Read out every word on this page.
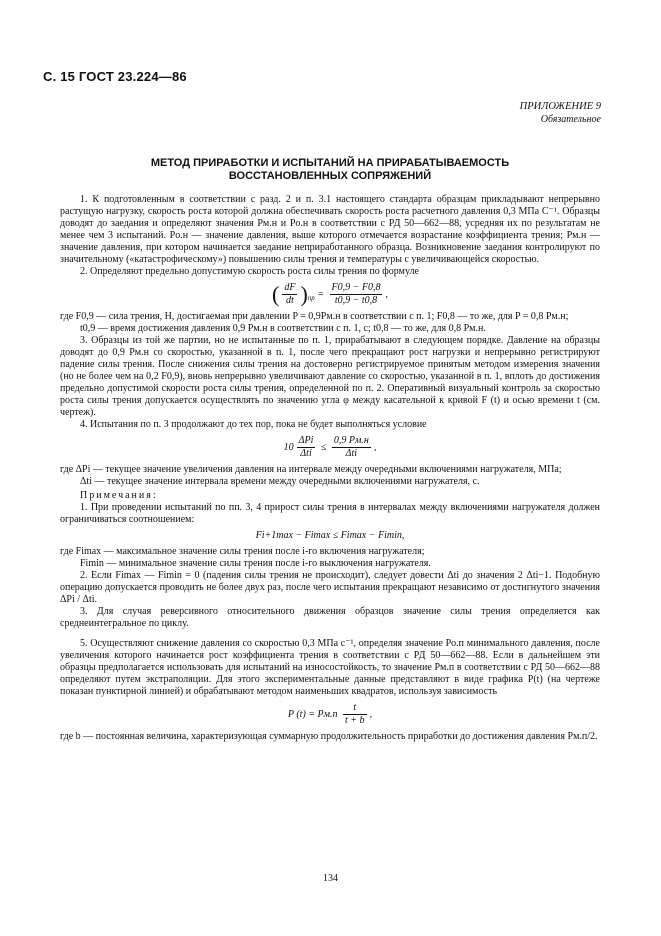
С. 15 ГОСТ 23.224—86
ПРИЛОЖЕНИЕ 9
Обязательное
МЕТОД ПРИРАБОТКИ И ИСПЫТАНИЙ НА ПРИРАБАТЫВАЕМОСТЬ
ВОССТАНОВЛЕННЫХ СОПРЯЖЕНИЙ

1. К подготовленным в соответствии с разд. 2 и п. 3.1 настоящего стандарта образцам прикладывают непрерывно растущую нагрузку, скорость роста которой должна обеспечивать скорость роста расчетного давления 0,3 МПа С⁻¹. Образцы доводят до заедания и определяют значения Pм.н и Pо.н в соответствии с РД 50—662—88, усредняя их по результатам не менее чем 3 испытаний. Pо.н — значение давления, выше которого отмечается возрастание коэффициента трения; Pм.н — значение давления, при котором начинается заедание неприработанного образца. Возникновение заедания контролируют по значительному («катастрофическому») повышению силы трения и температуры с увеличивающейся скоростью.

2. Определяют предельно допустимую скорость роста силы трения по формуле

( $\frac{dF}{dt} )_{пр} = \frac{F0,9 - F0,8}{t0,9 - t0,8}$ ,

где F0,9 — сила трения, Н, достигаемая при давлении P = 0,9Pм.н в соответствии с п. 1; F0,8 — то же, для P = 0,8 Pм.н;

t0,9 — время достижения давления 0,9 Pм.н в соответствии с п. 1, с; t0,8 — то же, для 0,8 Pм.н.

3. Образцы из той же партии, но не испытанные по п. 1, прирабатывают в следующем порядке. Давление на образцы доводят до 0,9 Pм.н со скоростью, указанной в п. 1, после чего прекращают рост нагрузки и непрерывно регистрируют падение силы трения. После снижения силы трения на достоверно регистрируемое принятым методом измерения значения (но не более чем на 0,2 F0,9), вновь непрерывно увеличивают давление со скоростью, указанной в п. 1, вплоть до достижения предельно допустимой скорости роста силы трения, определенной по п. 2. Оперативный визуальный контроль за скоростью роста силы трения допускается осуществлять по значению угла φ между касательной к кривой F (t) и осью времени t (см. чертеж).

4. Испытания по п. 3 продолжают до тех пор, пока не будет выполняться условие

$10 \frac{\text{ΔPi}}{\text{Δti}} \le \frac{0,9 Pм.н}{\text{Δti}}$ ,

где ΔPi — текущее значение увеличения давления на интервале между очередными включениями нагружателя, МПа;

Δti — текущее значение интервала времени между очередными включениями нагружателя, с.

Примечания:

1. При проведении испытаний по пп. 3, 4 прирост силы трения в интервалах между включениями нагружателя должен ограничиваться соотношением:

Fi+1max − Fimax ≤ Fimax − Fimin,

где Fimax — максимальное значение силы трения после i-го включения нагружателя;

Fimin — минимальное значение силы трения после i-го выключения нагружателя.

2. Если Fimax — Fimin = 0 (падения силы трения не происходит), следует довести Δti до значения 2 Δti−1. Подобную операцию допускается проводить не более двух раз, после чего испытания прекращают независимо от достигнутого значения ΔPi / Δti.

3. Для случая реверсивного относительного движения образцов значение силы трения определяется как среднеинтегральное по циклу.

5. Осуществляют снижение давления со скоростью 0,3 МПа с⁻¹, определяя значение Pо.п минимального давления, после увеличения которого начинается рост коэффициента трения в соответствии с РД 50—662—88. Если в дальнейшем эти образцы предполагается использовать для испытаний на износостойкость, то значение Pм.п в соответствии с РД 50—662—88 определяют путем экстраполяции. Для этого экспериментальные данные представляют в виде графика P(t) (на чертеже показан пунктирной линией) и обрабатывают методом наименьших квадратов, используя зависимость

P $(t) = Pм.п \frac{t}{t + b}$ ,

где b — постоянная величина, характеризующая суммарную продолжительность приработки до достижения давления Pм.п/2.

134
